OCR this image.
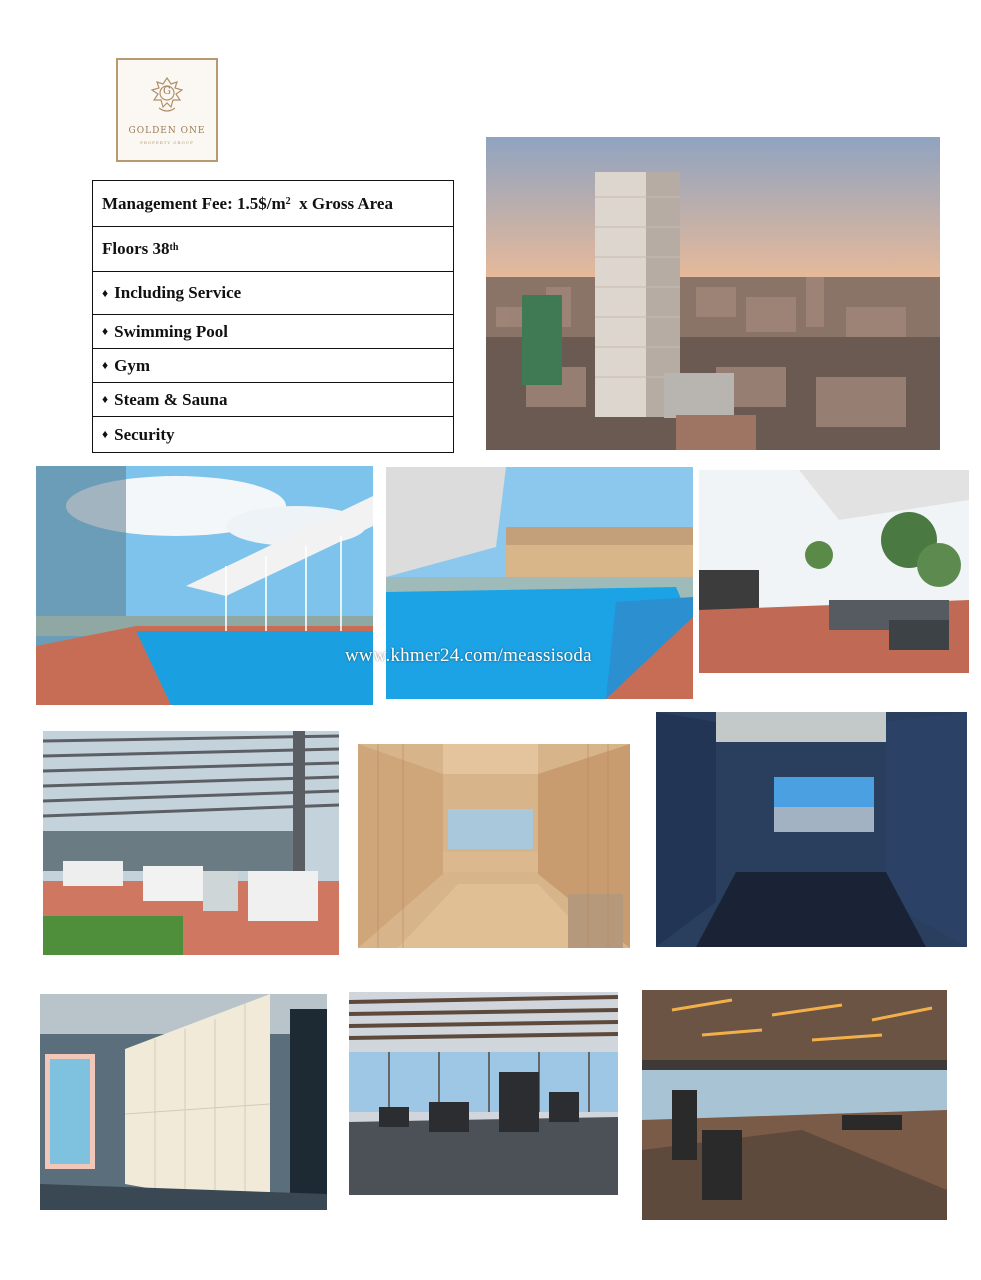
G
GOLDEN ONE
PROPERTY GROUP
Management Fee: $1.5\$/m^2$ x Gross Area
Floors 38th
♦ Including Service
♦ Swimming Pool
♦ Gym
♦ Steam & Sauna
♦ Security
www.khmer24.com/meassisoda
